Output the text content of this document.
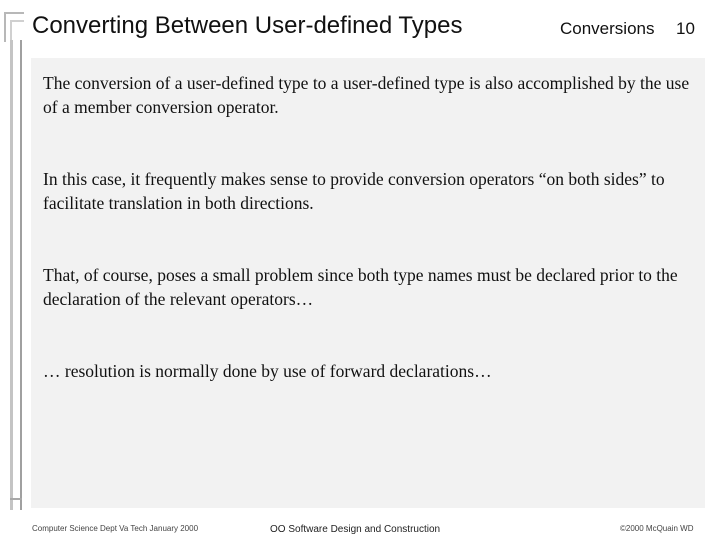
Converting Between User-defined Types	Conversions 10
The conversion of a user-defined type to a user-defined type is also accomplished by the use of a member conversion operator.
In this case, it frequently makes sense to provide conversion operators “on both sides” to facilitate translation in both directions.
That, of course, poses a small problem since both type names must be declared prior to the declaration of the relevant operators…
… resolution is normally done by use of forward declarations…
Computer Science Dept Va Tech January 2000	OO Software Design and Construction	©2000 McQuain WD
